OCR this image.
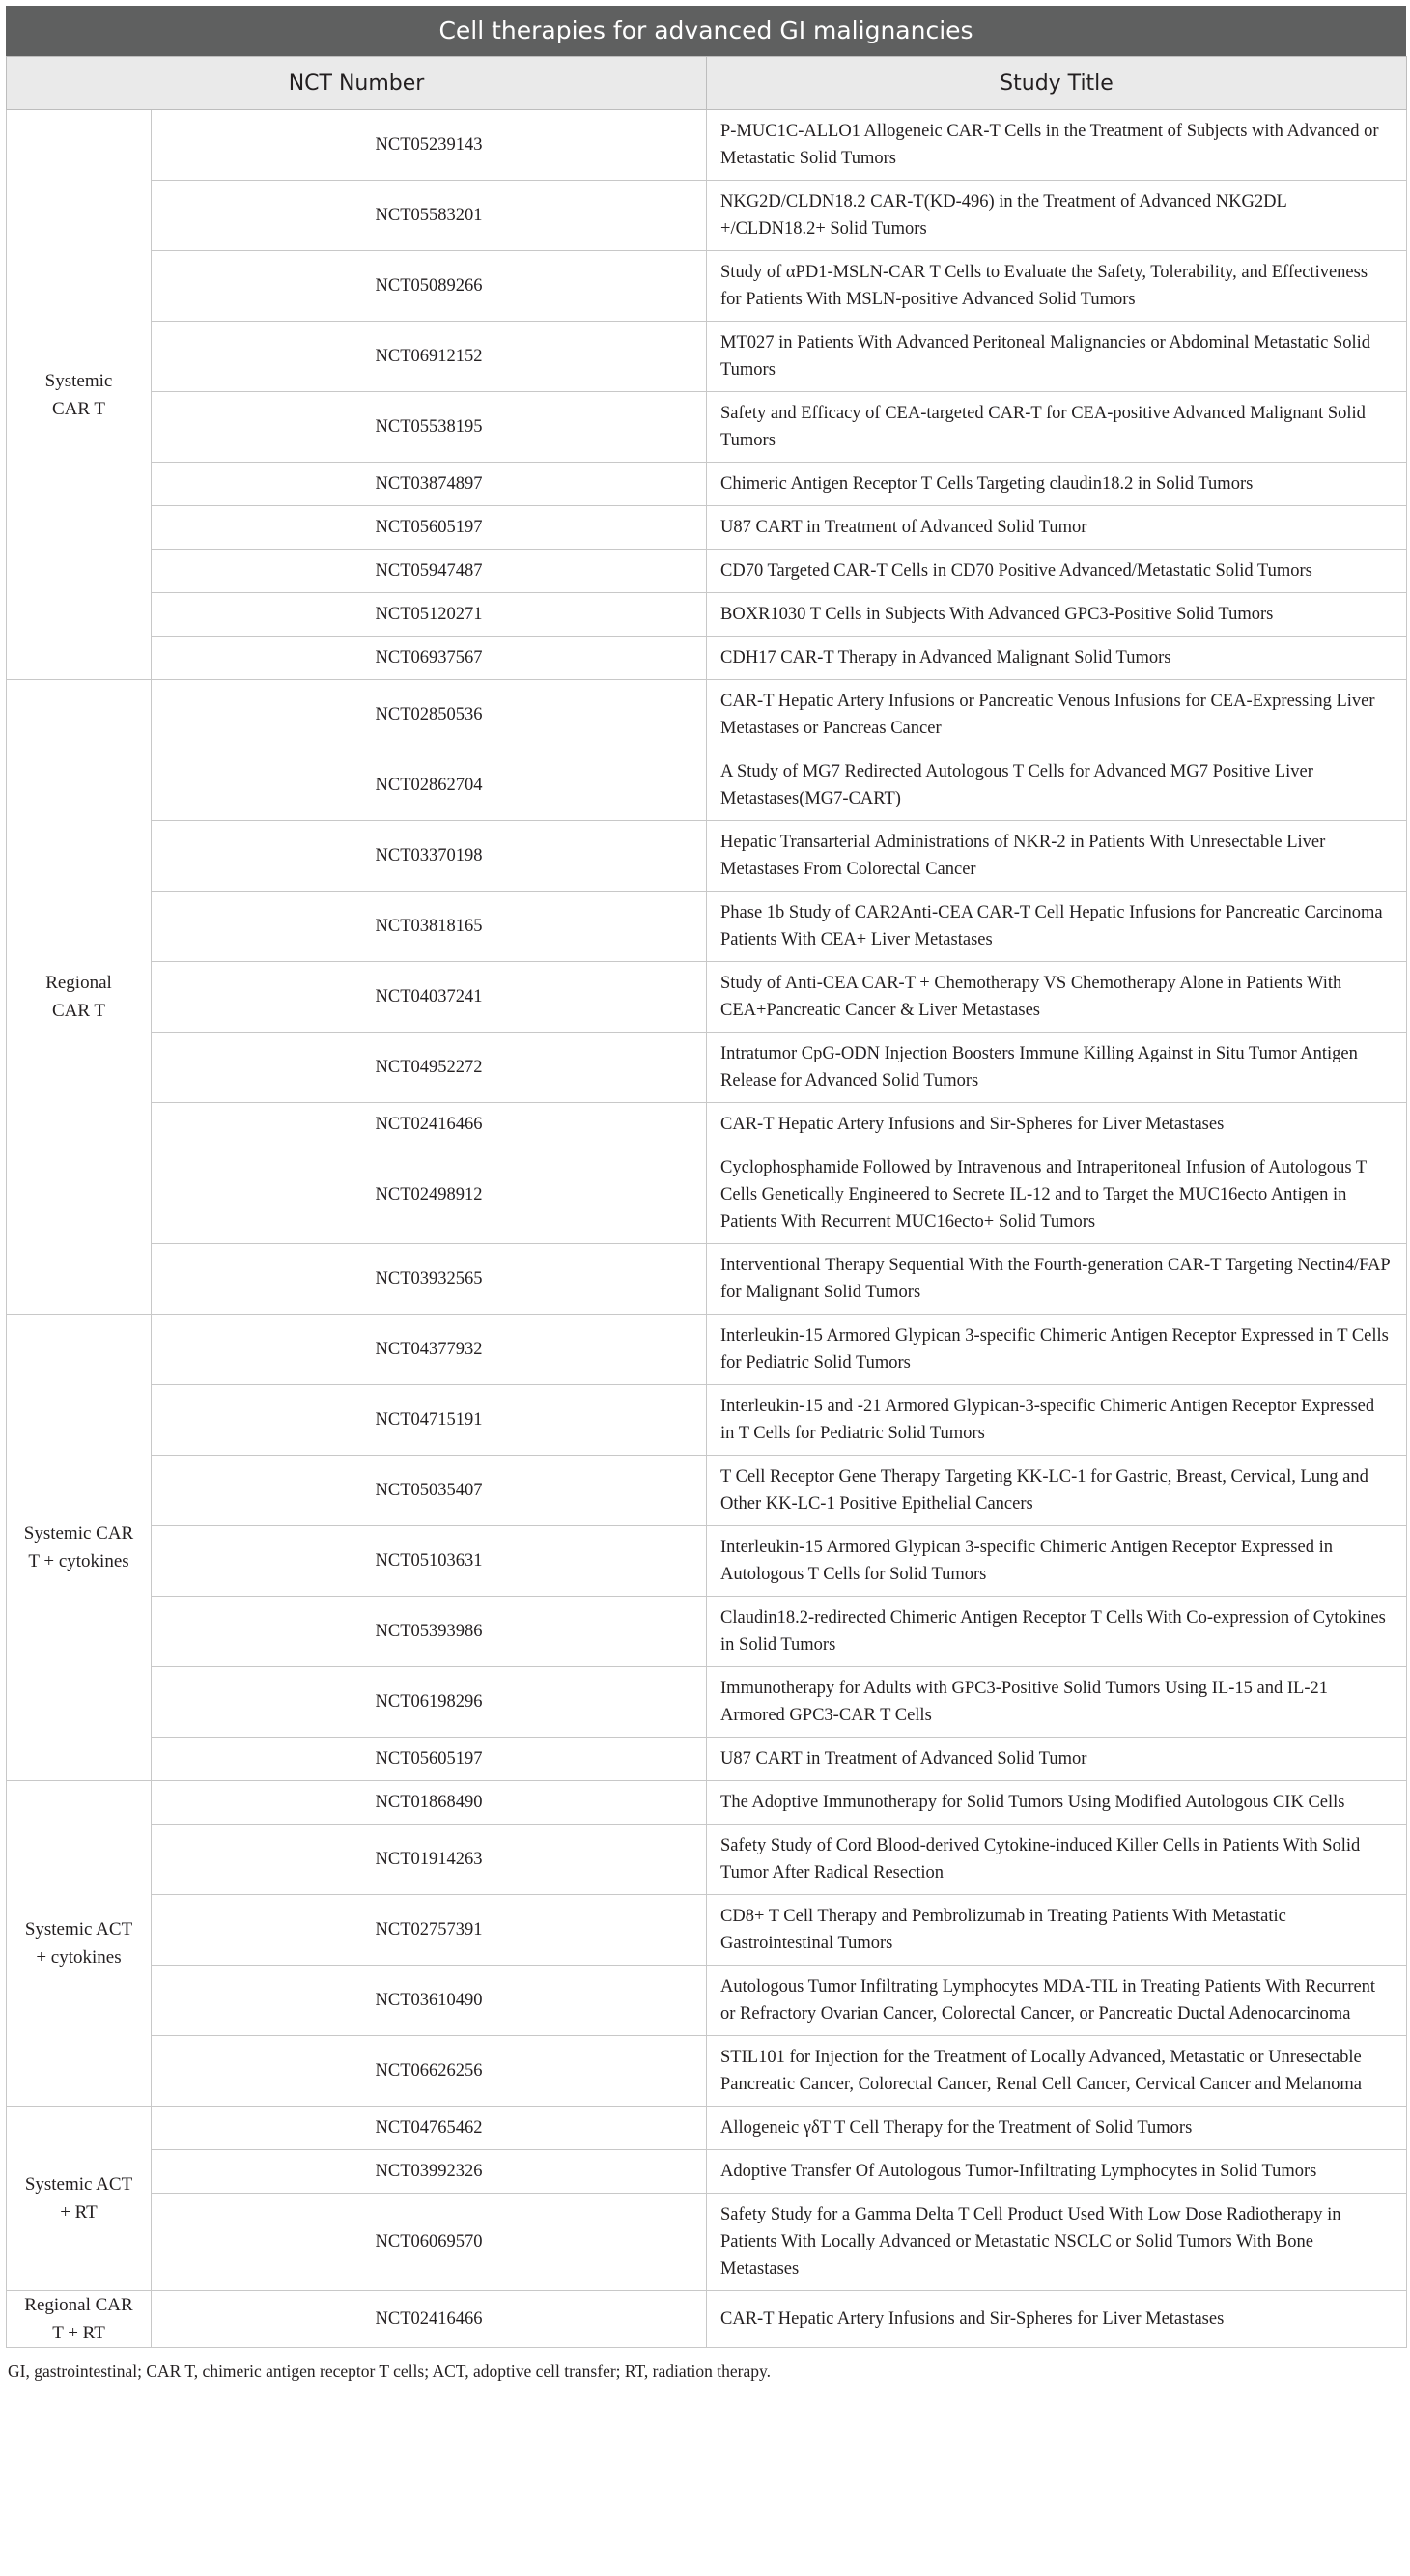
Cell therapies for advanced GI malignancies
NCT Number		Study Title

Systemic
CAR T	NCT05239143	P-MUC1C-ALLO1 Allogeneic CAR-T Cells in the Treatment of Subjects with Advanced or Metastatic Solid Tumors
	NCT05583201	NKG2D/CLDN18.2 CAR-T(KD-496) in the Treatment of Advanced NKG2DL +/CLDN18.2+ Solid Tumors
	NCT05089266	Study of αPD1-MSLN-CAR T Cells to Evaluate the Safety, Tolerability, and Effectiveness for Patients With MSLN-positive Advanced Solid Tumors
	NCT06912152	MT027 in Patients With Advanced Peritoneal Malignancies or Abdominal Metastatic Solid Tumors
	NCT05538195	Safety and Efficacy of CEA-targeted CAR-T for CEA-positive Advanced Malignant Solid Tumors
	NCT03874897	Chimeric Antigen Receptor T Cells Targeting claudin18.2 in Solid Tumors
	NCT05605197	U87 CART in Treatment of Advanced Solid Tumor
	NCT05947487	CD70 Targeted CAR-T Cells in CD70 Positive Advanced/Metastatic Solid Tumors
	NCT05120271	BOXR1030 T Cells in Subjects With Advanced GPC3-Positive Solid Tumors
	NCT06937567	CDH17 CAR-T Therapy in Advanced Malignant Solid Tumors

Regional
CAR T	NCT02850536	CAR-T Hepatic Artery Infusions or Pancreatic Venous Infusions for CEA-Expressing Liver Metastases or Pancreas Cancer
	NCT02862704	A Study of MG7 Redirected Autologous T Cells for Advanced MG7 Positive Liver Metastases(MG7-CART)
	NCT03370198	Hepatic Transarterial Administrations of NKR-2 in Patients With Unresectable Liver Metastases From Colorectal Cancer
	NCT03818165	Phase 1b Study of CAR2Anti-CEA CAR-T Cell Hepatic Infusions for Pancreatic Carcinoma Patients With CEA+ Liver Metastases
	NCT04037241	Study of Anti-CEA CAR-T + Chemotherapy VS Chemotherapy Alone in Patients With CEA+Pancreatic Cancer & Liver Metastases
	NCT04952272	Intratumor CpG-ODN Injection Boosters Immune Killing Against in Situ Tumor Antigen Release for Advanced Solid Tumors
	NCT02416466	CAR-T Hepatic Artery Infusions and Sir-Spheres for Liver Metastases
	NCT02498912	Cyclophosphamide Followed by Intravenous and Intraperitoneal Infusion of Autologous T Cells Genetically Engineered to Secrete IL-12 and to Target the MUC16ecto Antigen in Patients With Recurrent MUC16ecto+ Solid Tumors
	NCT03932565	Interventional Therapy Sequential With the Fourth-generation CAR-T Targeting Nectin4/FAP for Malignant Solid Tumors

Systemic CAR
T + cytokines	NCT04377932	Interleukin-15 Armored Glypican 3-specific Chimeric Antigen Receptor Expressed in T Cells for Pediatric Solid Tumors
	NCT04715191	Interleukin-15 and -21 Armored Glypican-3-specific Chimeric Antigen Receptor Expressed in T Cells for Pediatric Solid Tumors
	NCT05035407	T Cell Receptor Gene Therapy Targeting KK-LC-1 for Gastric, Breast, Cervical, Lung and Other KK-LC-1 Positive Epithelial Cancers
	NCT05103631	Interleukin-15 Armored Glypican 3-specific Chimeric Antigen Receptor Expressed in Autologous T Cells for Solid Tumors
	NCT05393986	Claudin18.2-redirected Chimeric Antigen Receptor T Cells With Co-expression of Cytokines in Solid Tumors
	NCT06198296	Immunotherapy for Adults with GPC3-Positive Solid Tumors Using IL-15 and IL-21 Armored GPC3-CAR T Cells
	NCT05605197	U87 CART in Treatment of Advanced Solid Tumor

Systemic ACT
+ cytokines	NCT01868490	The Adoptive Immunotherapy for Solid Tumors Using Modified Autologous CIK Cells
	NCT01914263	Safety Study of Cord Blood-derived Cytokine-induced Killer Cells in Patients With Solid Tumor After Radical Resection
	NCT02757391	CD8+ T Cell Therapy and Pembrolizumab in Treating Patients With Metastatic Gastrointestinal Tumors
	NCT03610490	Autologous Tumor Infiltrating Lymphocytes MDA-TIL in Treating Patients With Recurrent or Refractory Ovarian Cancer, Colorectal Cancer, or Pancreatic Ductal Adenocarcinoma
	NCT06626256	STIL101 for Injection for the Treatment of Locally Advanced, Metastatic or Unresectable Pancreatic Cancer, Colorectal Cancer, Renal Cell Cancer, Cervical Cancer and Melanoma

Systemic ACT
+ RT	NCT04765462	Allogeneic γδT T Cell Therapy for the Treatment of Solid Tumors
	NCT03992326	Adoptive Transfer Of Autologous Tumor-Infiltrating Lymphocytes in Solid Tumors
	NCT06069570	Safety Study for a Gamma Delta T Cell Product Used With Low Dose Radiotherapy in Patients With Locally Advanced or Metastatic NSCLC or Solid Tumors With Bone Metastases

Regional CAR
T + RT	NCT02416466	CAR-T Hepatic Artery Infusions and Sir-Spheres for Liver Metastases
GI, gastrointestinal; CAR T, chimeric antigen receptor T cells; ACT, adoptive cell transfer; RT, radiation therapy.
